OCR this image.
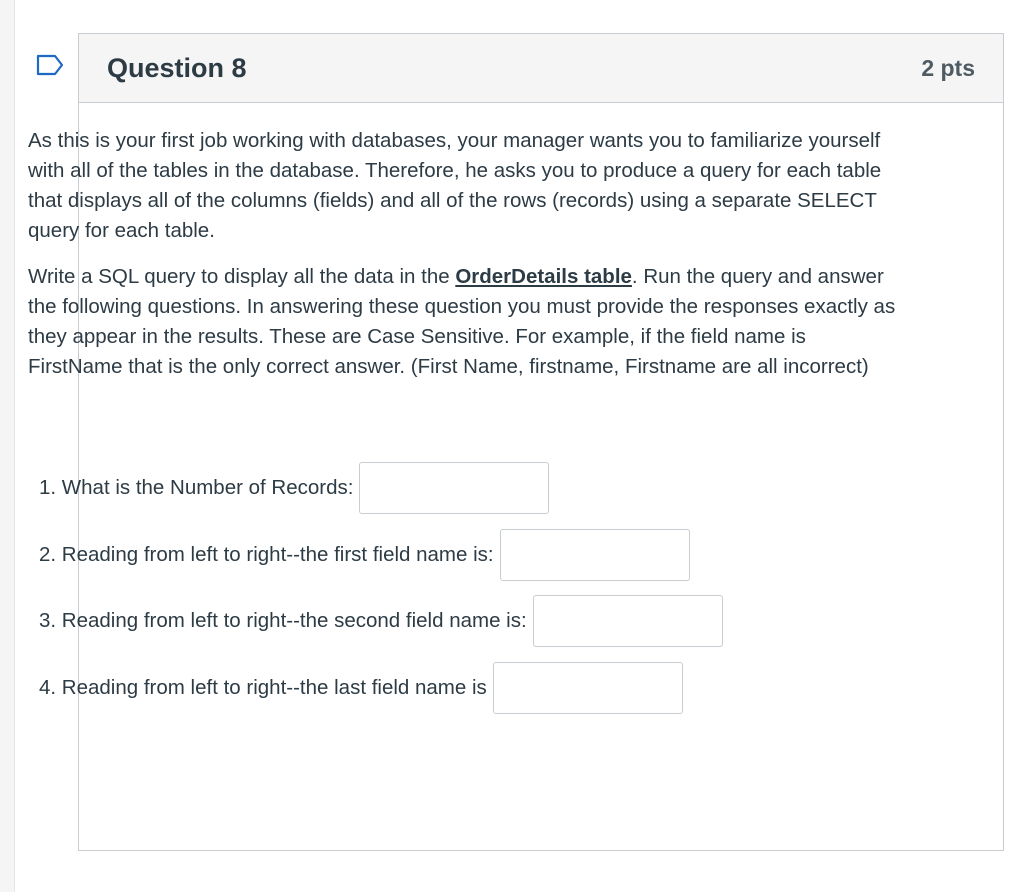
Question 8	2 pts

As this is your first job working with databases, your manager wants you to familiarize yourself with all of the tables in the database. Therefore, he asks you to produce a query for each table that displays all of the columns (fields) and all of the rows (records) using a separate SELECT query for each table.

Write a SQL query to display all the data in the OrderDetails table. Run the query and answer the following questions. In answering these question you must provide the responses exactly as they appear in the results. These are Case Sensitive. For example, if the field name is FirstName that is the only correct answer. (First Name, firstname, Firstname are all incorrect)

1. What is the Number of Records:
2. Reading from left to right--the first field name is:
3. Reading from left to right--the second field name is:
4. Reading from left to right--the last field name is
